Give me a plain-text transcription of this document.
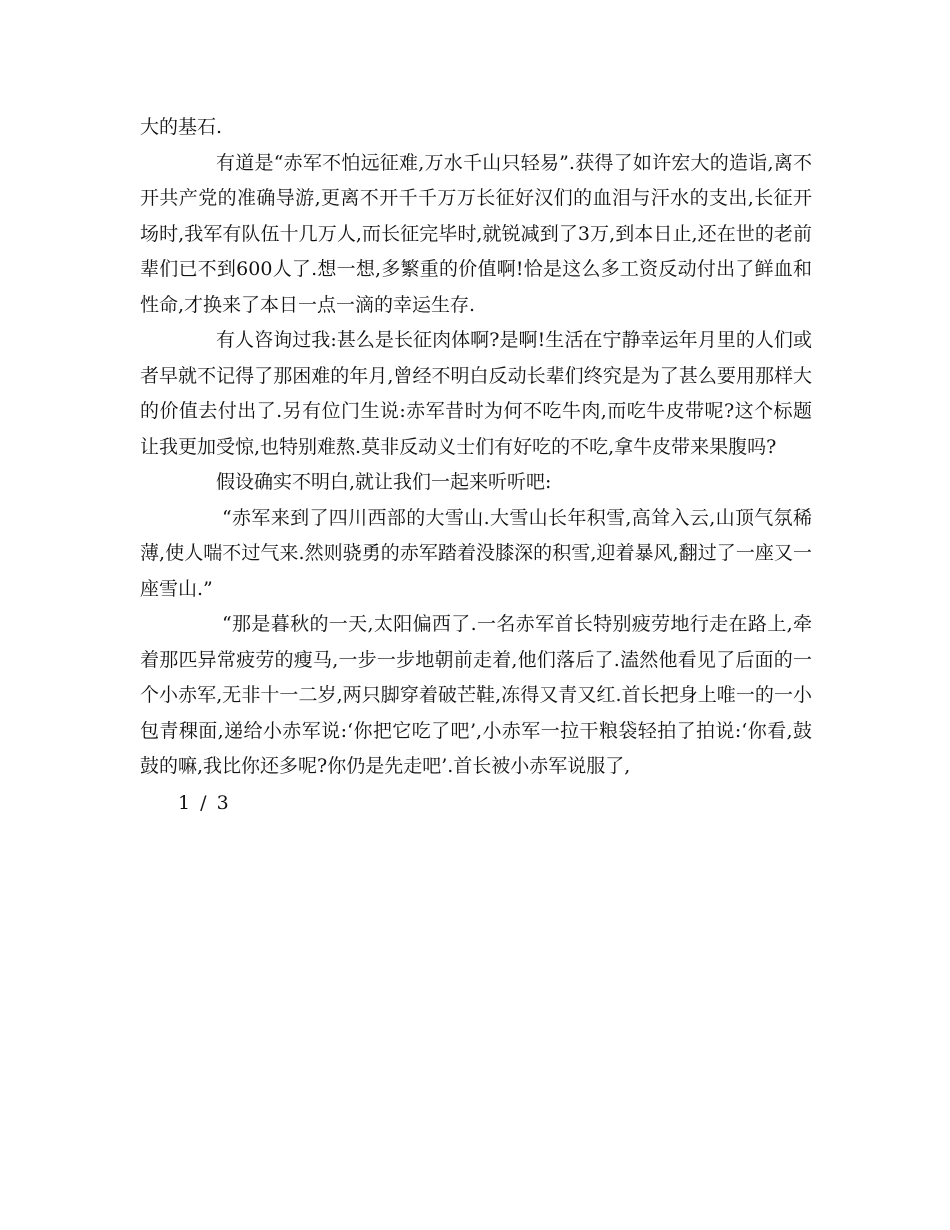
大的基石.

有道是“赤军不怕远征难,万水千山只轻易”.获得了如许宏大的造诣,离不开共产党的准确导游,更离不开千千万万长征好汉们的血泪与汗水的支出,长征开场时,我军有队伍十几万人,而长征完毕时,就锐减到了3万,到本日止,还在世的老前辈们已不到600人了.想一想,多繁重的价值啊!恰是这么多工资反动付出了鲜血和性命,才换来了本日一点一滴的幸运生存.

有人咨询过我:甚么是长征肉体啊?是啊!生活在宁静幸运年月里的人们或者早就不记得了那困难的年月,曾经不明白反动长辈们终究是为了甚么要用那样大的价值去付出了.另有位门生说:赤军昔时为何不吃牛肉,而吃牛皮带呢?这个标题让我更加受惊,也特别难熬.莫非反动义士们有好吃的不吃,拿牛皮带来果腹吗?

假设确实不明白,就让我们一起来听听吧:

“赤军来到了四川西部的大雪山.大雪山长年积雪,高耸入云,山顶气氛稀薄,使人喘不过气来.然则骁勇的赤军踏着没膝深的积雪,迎着暴风,翻过了一座又一座雪山.”

“那是暮秋的一天,太阳偏西了.一名赤军首长特别疲劳地行走在路上,牵着那匹异常疲劳的瘦马,一步一步地朝前走着,他们落后了.溘然他看见了后面的一个小赤军,无非十一二岁,两只脚穿着破芒鞋,冻得又青又红.首长把身上唯一的一小包青稞面,递给小赤军说:‘你把它吃了吧’,小赤军一拉干粮袋轻拍了拍说:‘你看,鼓鼓的嘛,我比你还多呢?你仍是先走吧’.首长被小赤军说服了,

1 / 3
